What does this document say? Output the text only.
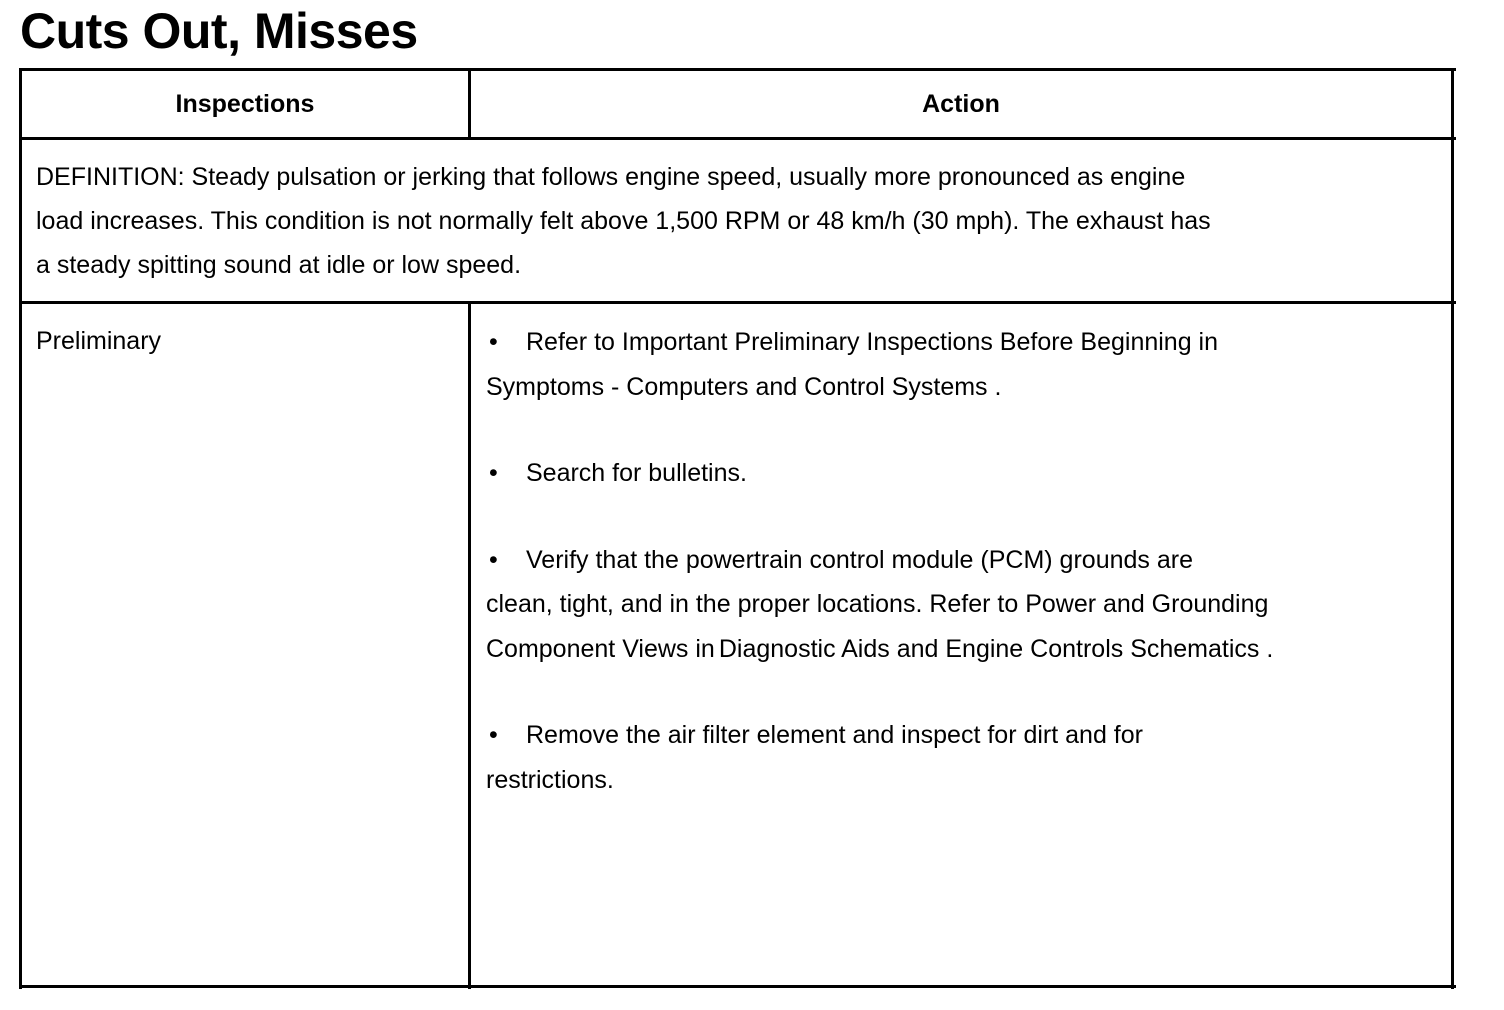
Cuts Out, Misses
Inspections	Action
DEFINITION: Steady pulsation or jerking that follows engine speed, usually more pronounced as engine
load increases. This condition is not normally felt above 1,500 RPM or 48 km/h (30 mph). The exhaust has
a steady spitting sound at idle or low speed.
Preliminary	• Refer to Important Preliminary Inspections Before Beginning in
Symptoms - Computers and Control Systems .
• Search for bulletins.
• Verify that the powertrain control module (PCM) grounds are
clean, tight, and in the proper locations. Refer to Power and Grounding
Component Views in Diagnostic Aids and Engine Controls Schematics .
• Remove the air filter element and inspect for dirt and for
restrictions.
